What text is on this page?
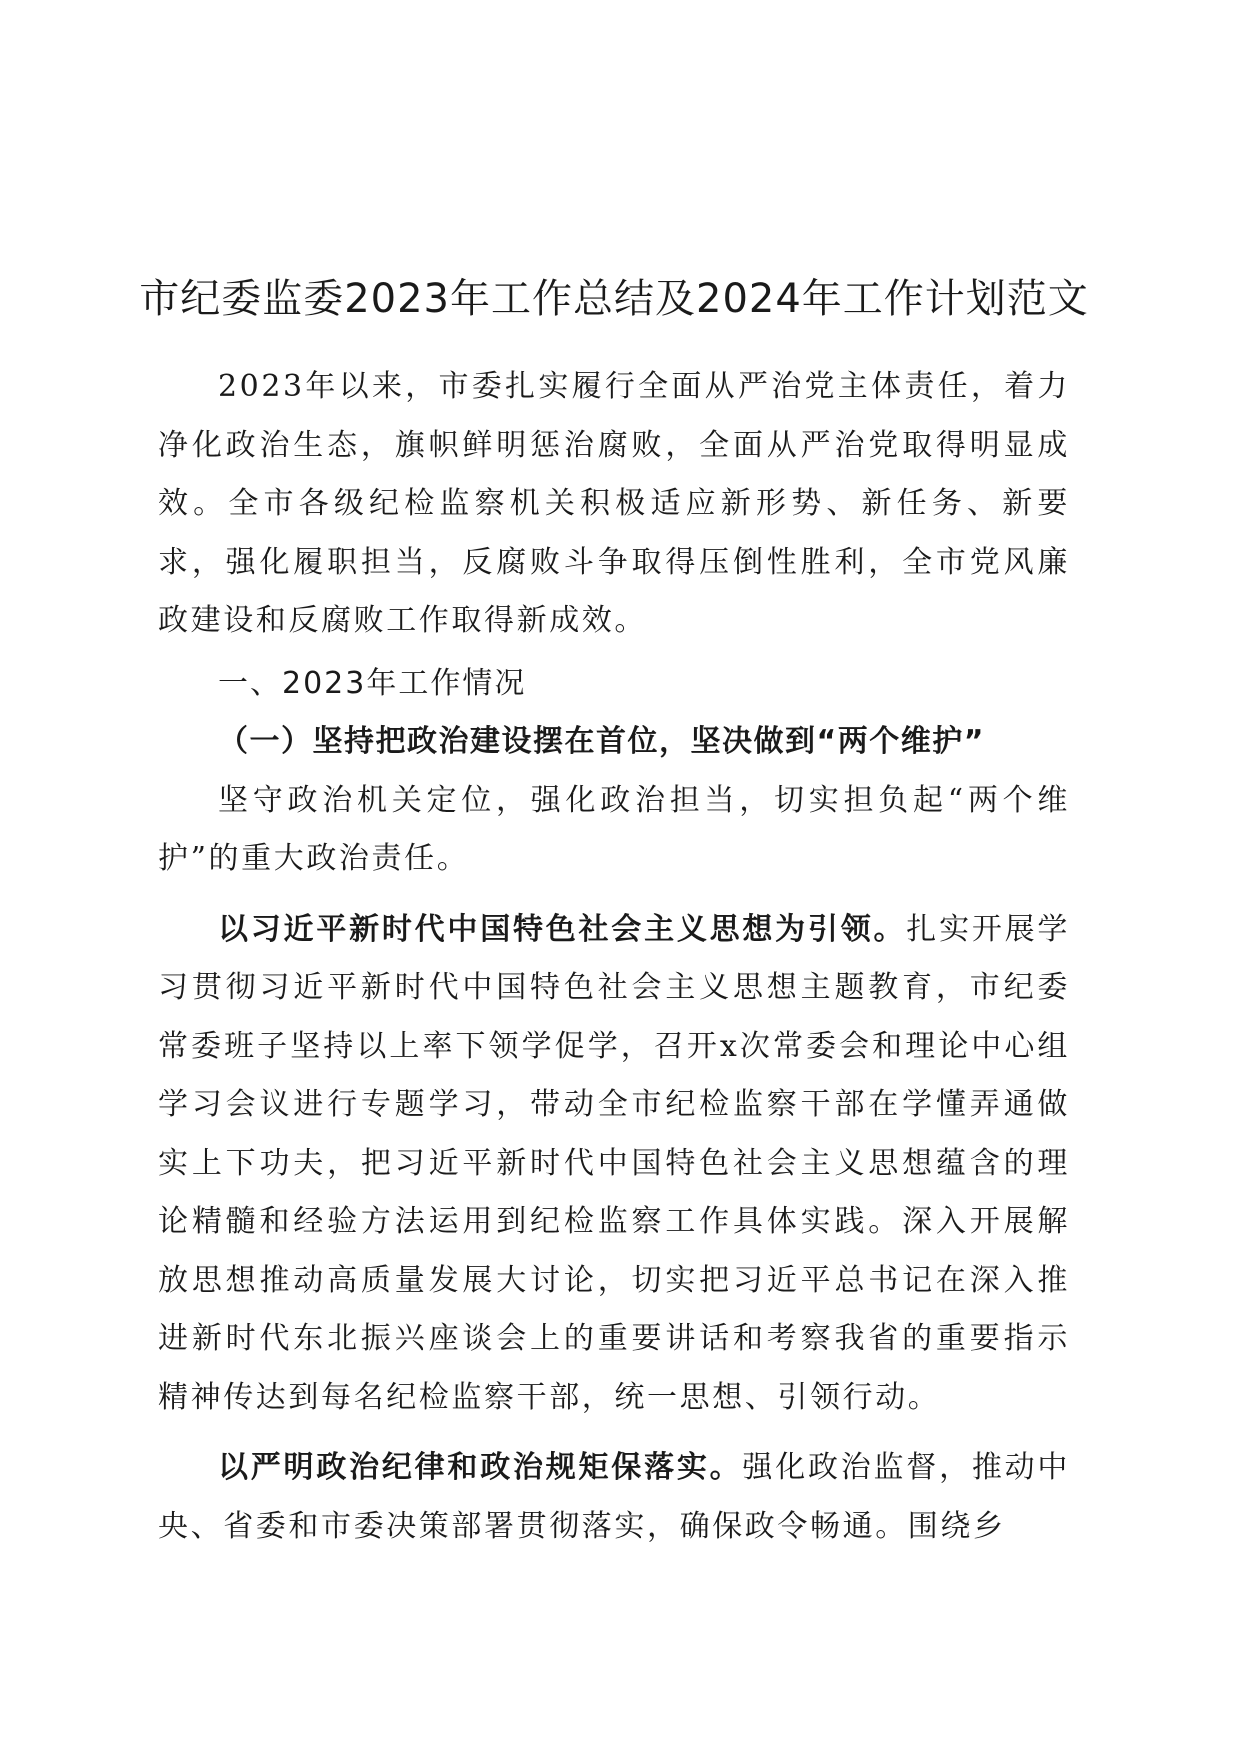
市纪委监委2023年工作总结及2024年工作计划范文

2023年以来，市委扎实履行全面从严治党主体责任，着力净化政治生态，旗帜鲜明惩治腐败，全面从严治党取得明显成效。全市各级纪检监察机关积极适应新形势、新任务、新要求，强化履职担当，反腐败斗争取得压倒性胜利，全市党风廉政建设和反腐败工作取得新成效。

一、2023年工作情况

（一）坚持把政治建设摆在首位，坚决做到“两个维护”

坚守政治机关定位，强化政治担当，切实担负起“两个维护”的重大政治责任。

以习近平新时代中国特色社会主义思想为引领。扎实开展学习贯彻习近平新时代中国特色社会主义思想主题教育，市纪委常委班子坚持以上率下领学促学，召开x次常委会和理论中心组学习会议进行专题学习，带动全市纪检监察干部在学懂弄通做实上下功夫，把习近平新时代中国特色社会主义思想蕴含的理论精髓和经验方法运用到纪检监察工作具体实践。深入开展解放思想推动高质量发展大讨论，切实把习近平总书记在深入推进新时代东北振兴座谈会上的重要讲话和考察我省的重要指示精神传达到每名纪检监察干部，统一思想、引领行动。

以严明政治纪律和政治规矩保落实。强化政治监督，推动中央、省委和市委决策部署贯彻落实，确保政令畅通。围绕乡
